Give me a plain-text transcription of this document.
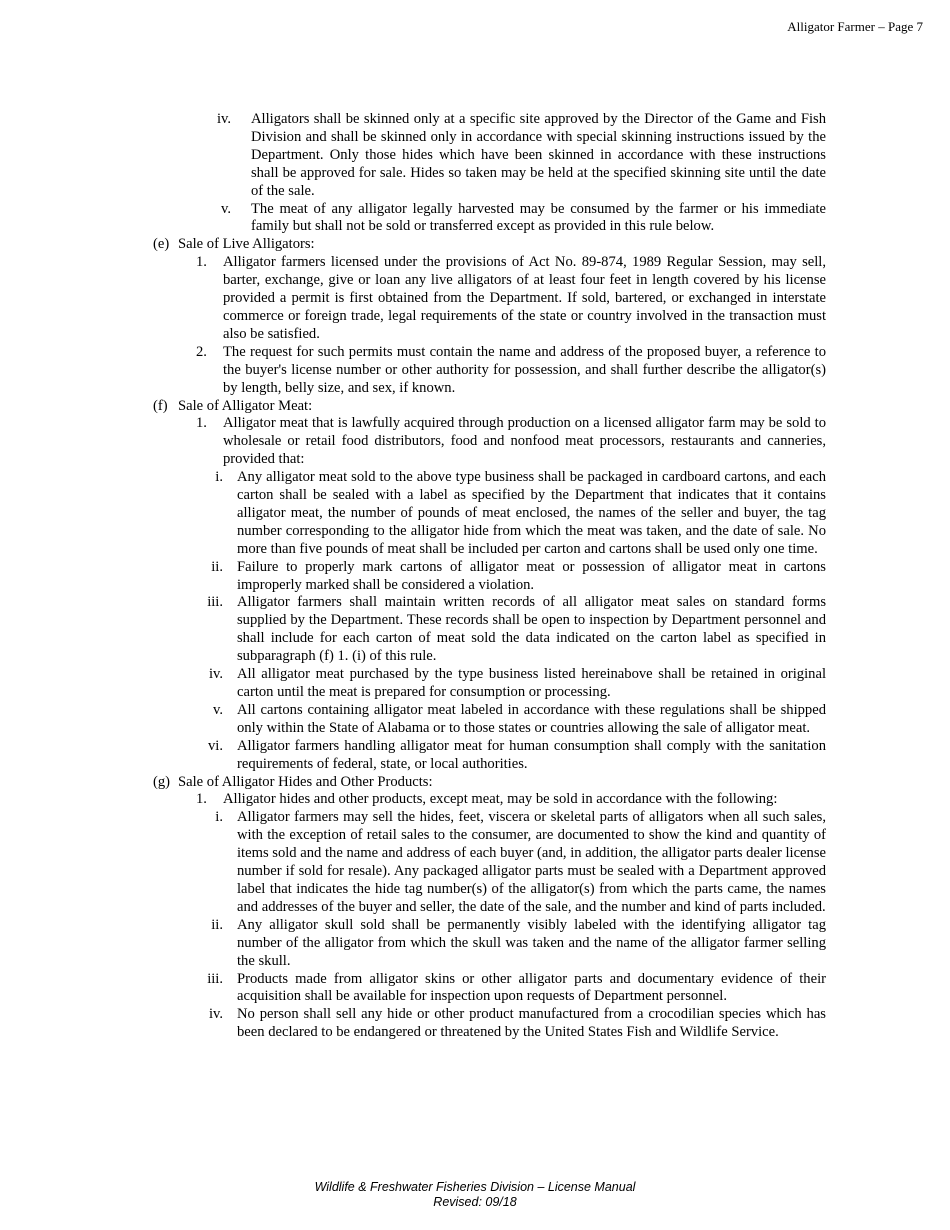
Alligator Farmer – Page 7
iv. Alligators shall be skinned only at a specific site approved by the Director of the Game and Fish Division and shall be skinned only in accordance with special skinning instructions issued by the Department. Only those hides which have been skinned in accordance with these instructions shall be approved for sale. Hides so taken may be held at the specified skinning site until the date of the sale.

v. The meat of any alligator legally harvested may be consumed by the farmer or his immediate family but shall not be sold or transferred except as provided in this rule below.

(e) Sale of Live Alligators:

1. Alligator farmers licensed under the provisions of Act No. 89-874, 1989 Regular Session, may sell, barter, exchange, give or loan any live alligators of at least four feet in length covered by his license provided a permit is first obtained from the Department. If sold, bartered, or exchanged in interstate commerce or foreign trade, legal requirements of the state or country involved in the transaction must also be satisfied.

2. The request for such permits must contain the name and address of the proposed buyer, a reference to the buyer's license number or other authority for possession, and shall further describe the alligator(s) by length, belly size, and sex, if known.

(f) Sale of Alligator Meat:

1. Alligator meat that is lawfully acquired through production on a licensed alligator farm may be sold to wholesale or retail food distributors, food and nonfood meat processors, restaurants and canneries, provided that:

i. Any alligator meat sold to the above type business shall be packaged in cardboard cartons, and each carton shall be sealed with a label as specified by the Department that indicates that it contains alligator meat, the number of pounds of meat enclosed, the names of the seller and buyer, the tag number corresponding to the alligator hide from which the meat was taken, and the date of sale. No more than five pounds of meat shall be included per carton and cartons shall be used only one time.

ii. Failure to properly mark cartons of alligator meat or possession of alligator meat in cartons improperly marked shall be considered a violation.

iii. Alligator farmers shall maintain written records of all alligator meat sales on standard forms supplied by the Department. These records shall be open to inspection by Department personnel and shall include for each carton of meat sold the data indicated on the carton label as specified in subparagraph (f) 1. (i) of this rule.

iv. All alligator meat purchased by the type business listed hereinabove shall be retained in original carton until the meat is prepared for consumption or processing.

v. All cartons containing alligator meat labeled in accordance with these regulations shall be shipped only within the State of Alabama or to those states or countries allowing the sale of alligator meat.

vi. Alligator farmers handling alligator meat for human consumption shall comply with the sanitation requirements of federal, state, or local authorities.

(g) Sale of Alligator Hides and Other Products:

1. Alligator hides and other products, except meat, may be sold in accordance with the following:

i. Alligator farmers may sell the hides, feet, viscera or skeletal parts of alligators when all such sales, with the exception of retail sales to the consumer, are documented to show the kind and quantity of items sold and the name and address of each buyer (and, in addition, the alligator parts dealer license number if sold for resale). Any packaged alligator parts must be sealed with a Department approved label that indicates the hide tag number(s) of the alligator(s) from which the parts came, the names and addresses of the buyer and seller, the date of the sale, and the number and kind of parts included.

ii. Any alligator skull sold shall be permanently visibly labeled with the identifying alligator tag number of the alligator from which the skull was taken and the name of the alligator farmer selling the skull.

iii. Products made from alligator skins or other alligator parts and documentary evidence of their acquisition shall be available for inspection upon requests of Department personnel.

iv. No person shall sell any hide or other product manufactured from a crocodilian species which has been declared to be endangered or threatened by the United States Fish and Wildlife Service.

Wildlife & Freshwater Fisheries Division – License Manual
Revised: 09/18
